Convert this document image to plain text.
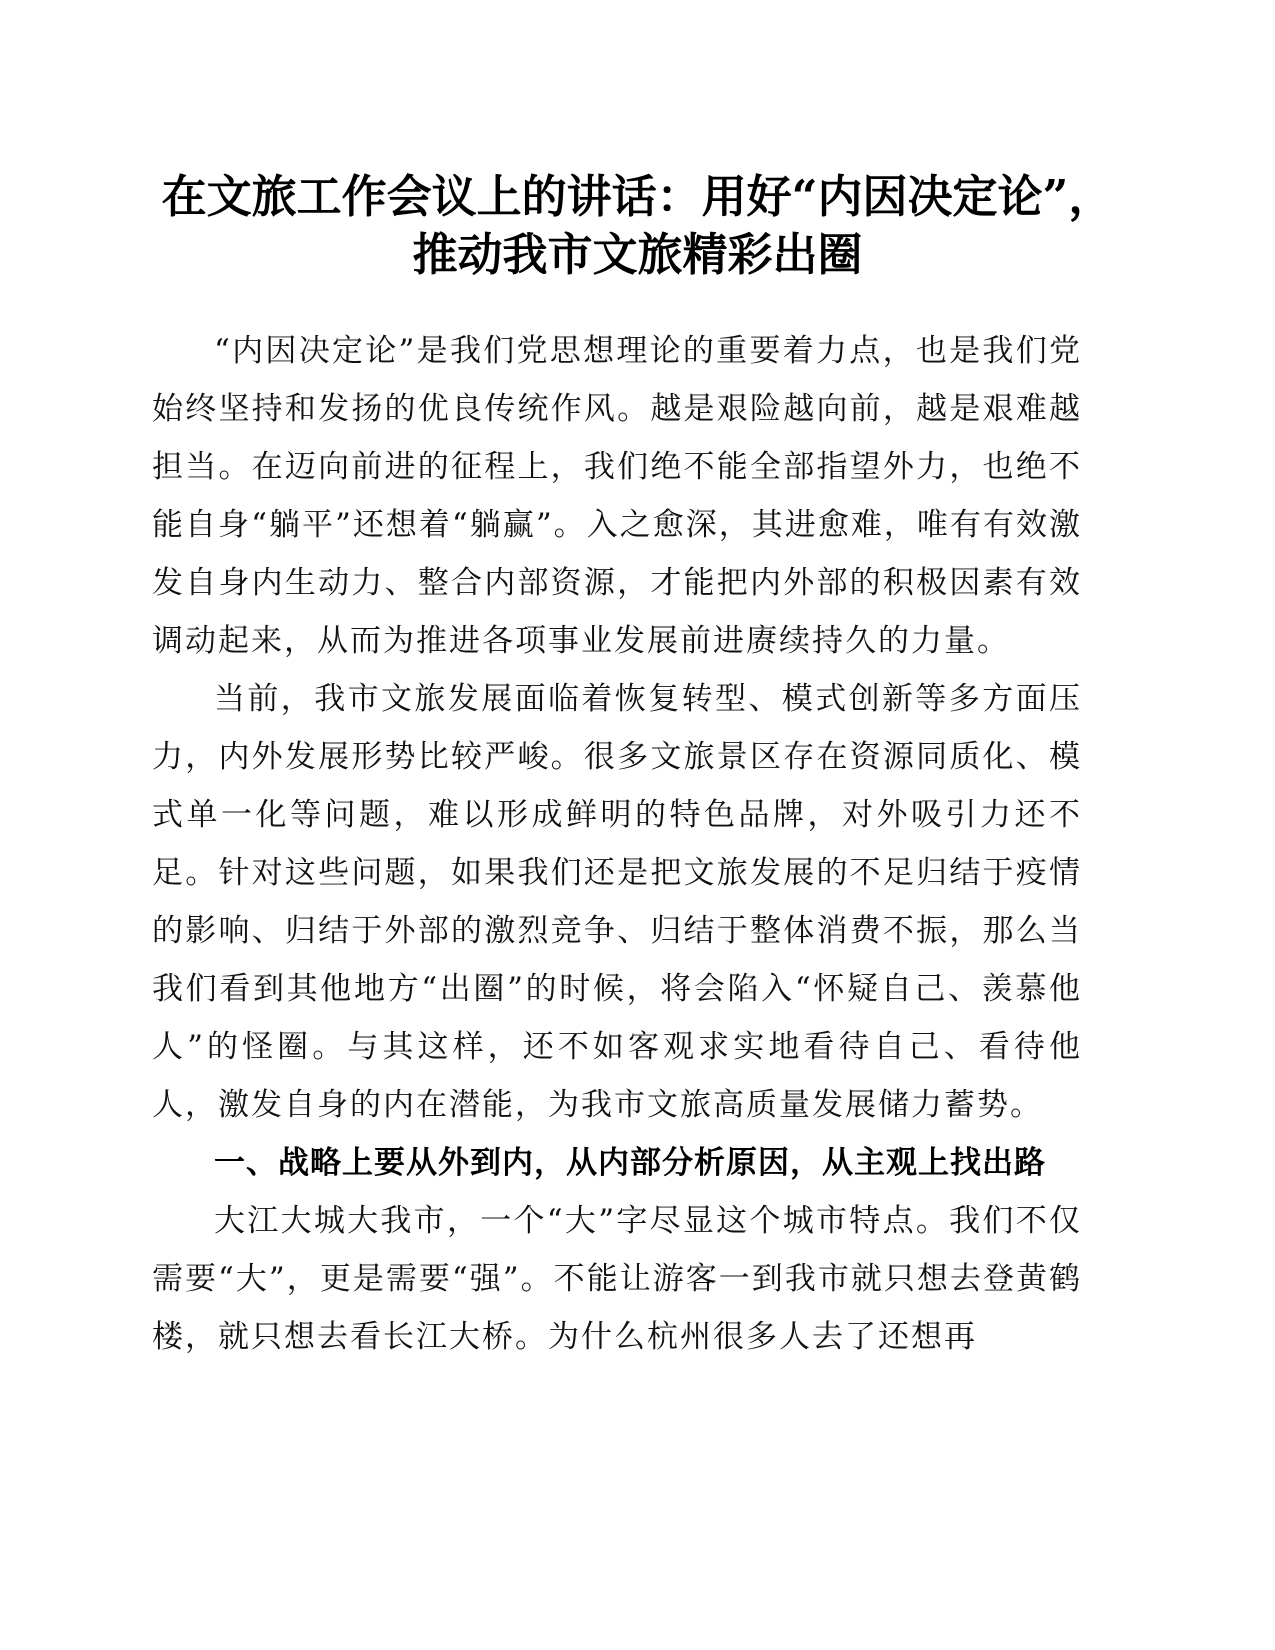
在文旅工作会议上的讲话：用好“内因决定论”，推动我市文旅精彩出圈

“内因决定论”是我们党思想理论的重要着力点，也是我们党始终坚持和发扬的优良传统作风。越是艰险越向前，越是艰难越担当。在迈向前进的征程上，我们绝不能全部指望外力，也绝不能自身“躺平”还想着“躺赢”。入之愈深，其进愈难，唯有有效激发自身内生动力、整合内部资源，才能把内外部的积极因素有效调动起来，从而为推进各项事业发展前进赓续持久的力量。

当前，我市文旅发展面临着恢复转型、模式创新等多方面压力，内外发展形势比较严峻。很多文旅景区存在资源同质化、模式单一化等问题，难以形成鲜明的特色品牌，对外吸引力还不足。针对这些问题，如果我们还是把文旅发展的不足归结于疫情的影响、归结于外部的激烈竞争、归结于整体消费不振，那么当我们看到其他地方“出圈”的时候，将会陷入“怀疑自己、羡慕他人”的怪圈。与其这样，还不如客观求实地看待自己、看待他人，激发自身的内在潜能，为我市文旅高质量发展储力蓄势。

一、战略上要从外到内，从内部分析原因，从主观上找出路

大江大城大我市，一个“大”字尽显这个城市特点。我们不仅需要“大”，更是需要“强”。不能让游客一到我市就只想去登黄鹤楼，就只想去看长江大桥。为什么杭州很多人去了还想再
